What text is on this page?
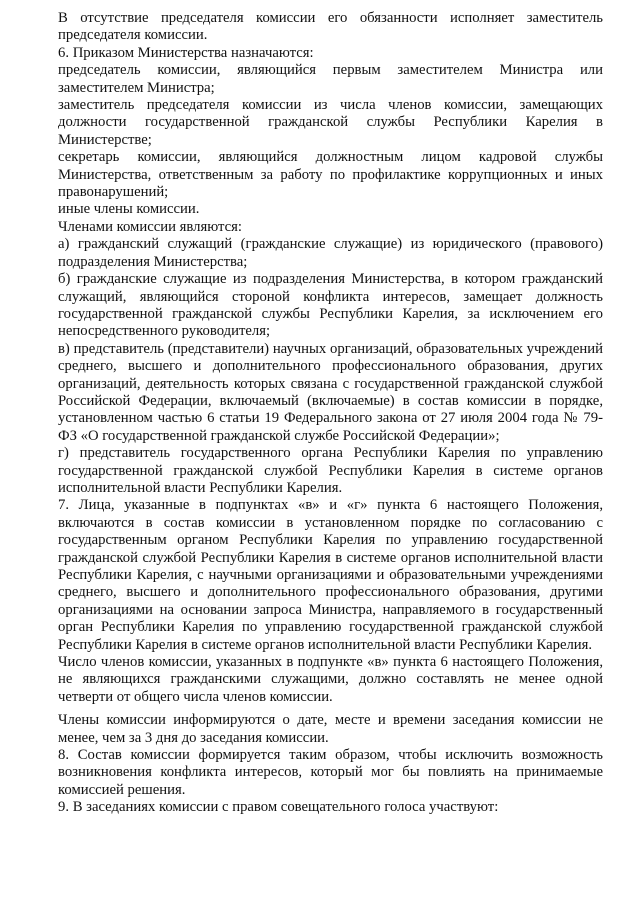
В отсутствие председателя комиссии его обязанности исполняет заместитель председателя комиссии.

6. Приказом Министерства назначаются:

председатель комиссии, являющийся первым заместителем Министра или заместителем Министра;

заместитель председателя комиссии из числа членов комиссии, замещающих должности государственной гражданской службы Республики Карелия в Министерстве;

секретарь комиссии, являющийся должностным лицом кадровой службы Министерства, ответственным за работу по профилактике коррупционных и иных правонарушений;

иные члены комиссии.

Членами комиссии являются:

а) гражданский служащий (гражданские служащие) из юридического (правового) подразделения Министерства;

б) гражданские служащие из подразделения Министерства, в котором гражданский служащий, являющийся стороной конфликта интересов, замещает должность государственной гражданской службы Республики Карелия, за исключением его непосредственного руководителя;

в) представитель (представители) научных организаций, образовательных учреждений среднего, высшего и дополнительного профессионального образования, других организаций, деятельность которых связана с государственной гражданской службой Российской Федерации, включаемый (включаемые) в состав комиссии в порядке, установленном частью 6 статьи 19 Федерального закона от 27 июля 2004 года № 79-ФЗ «О государственной гражданской службе Российской Федерации»;

г) представитель государственного органа Республики Карелия по управлению государственной гражданской службой Республики Карелия в системе органов исполнительной власти Республики Карелия.

7. Лица, указанные в подпунктах «в» и «г» пункта 6 настоящего Положения, включаются в состав комиссии в установленном порядке по согласованию с государственным органом Республики Карелия по управлению государственной гражданской службой Республики Карелия в системе органов исполнительной власти Республики Карелия, с научными организациями и образовательными учреждениями среднего, высшего и дополнительного профессионального образования, другими организациями на основании запроса Министра, направляемого в государственный орган Республики Карелия по управлению государственной гражданской службой Республики Карелия в системе органов исполнительной власти Республики Карелия.

Число членов комиссии, указанных в подпункте «в» пункта 6 настоящего Положения, не являющихся гражданскими служащими, должно составлять не менее одной четверти от общего числа членов комиссии.

Члены комиссии информируются о дате, месте и времени заседания комиссии не менее, чем за 3 дня до заседания комиссии.

8. Состав комиссии формируется таким образом, чтобы исключить возможность возникновения конфликта интересов, который мог бы повлиять на принимаемые комиссией решения.

9. В заседаниях комиссии с правом совещательного голоса участвуют:
